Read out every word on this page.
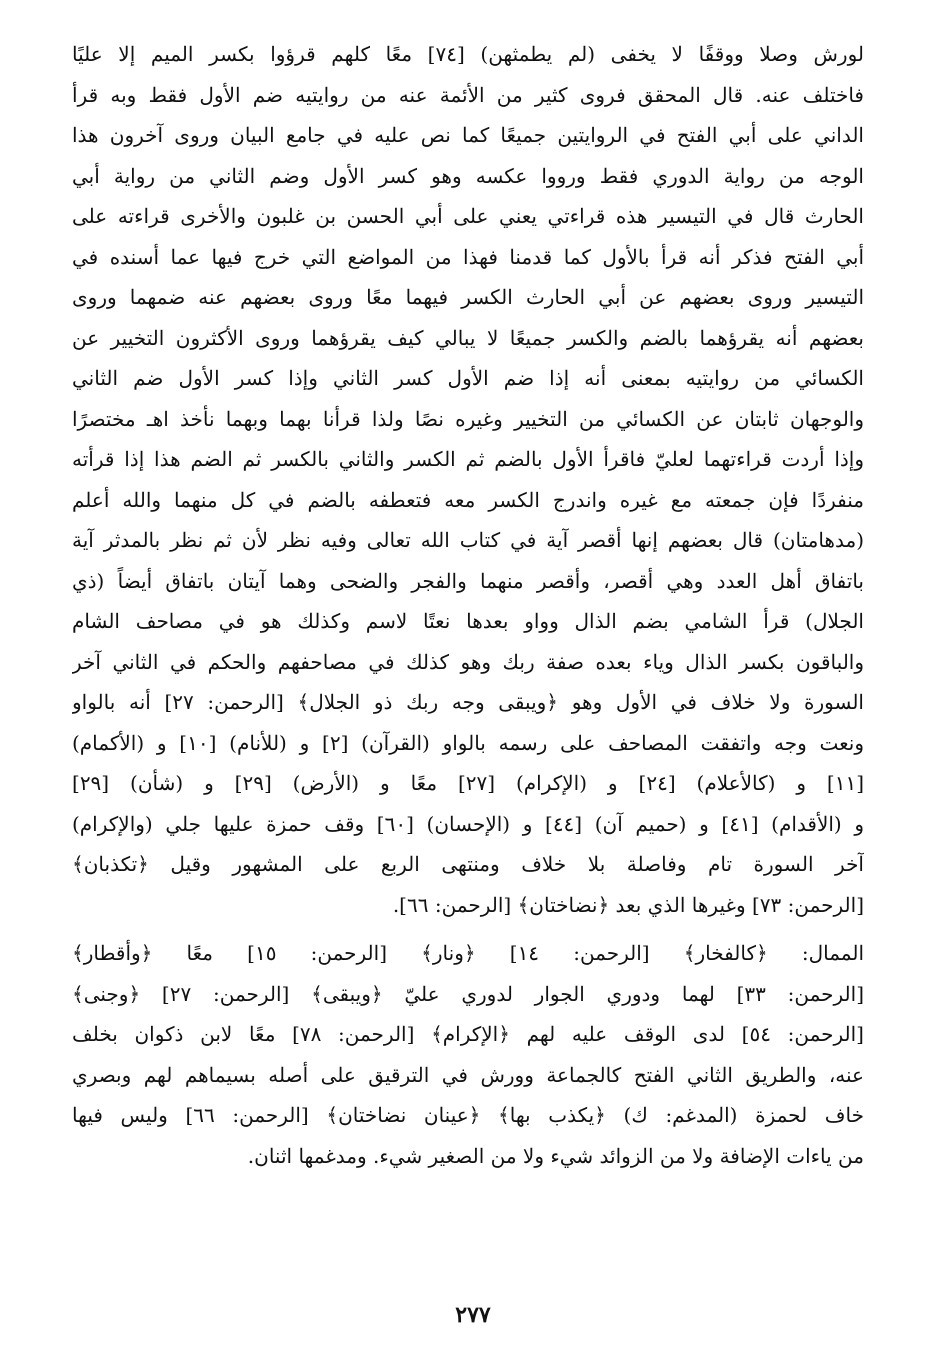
لورش وصلا ووقفًا لا يخفى (لم يطمثهن) [٧٤] معًا كلهم قرؤوا بكسر الميم إلا عليًا
فاختلف عنه. قال المحقق فروى كثير من الأئمة عنه من روايتيه ضم الأول فقط وبه قرأ
الداني على أبي الفتح في الروايتين جميعًا كما نص عليه في جامع البيان وروى آخرون هذا
الوجه من رواية الدوري فقط ورووا عكسه وهو كسر الأول وضم الثاني من رواية أبي
الحارث قال في التيسير هذه قراءتي يعني على أبي الحسن بن غلبون والأخرى قراءته على
أبي الفتح فذكر أنه قرأ بالأول كما قدمنا فهذا من المواضع التي خرج فيها عما أسنده في
التيسير وروى بعضهم عن أبي الحارث الكسر فيهما معًا وروى بعضهم عنه ضمهما وروى
بعضهم أنه يقرؤهما بالضم والكسر جميعًا لا يبالي كيف يقرؤهما وروى الأكثرون التخيير عن
الكسائي من روايتيه بمعنى أنه إذا ضم الأول كسر الثاني وإذا كسر الأول ضم الثاني
والوجهان ثابتان عن الكسائي من التخيير وغيره نصًا ولذا قرأنا بهما وبهما نأخذ اهـ مختصرًا
وإذا أردت قراءتهما لعليّ فاقرأ الأول بالضم ثم الكسر والثاني بالكسر ثم الضم هذا إذا قرأته
منفردًا فإن جمعته مع غيره واندرج الكسر معه فتعطفه بالضم في كل منهما والله أعلم
(مدهامتان) قال بعضهم إنها أقصر آية في كتاب الله تعالى وفيه نظر لأن ثم نظر بالمدثر آية
باتفاق أهل العدد وهي أقصر، وأقصر منهما والفجر والضحى وهما آيتان باتفاق أيضاً (ذي
الجلال) قرأ الشامي بضم الذال وواو بعدها نعتًا لاسم وكذلك هو في مصاحف الشام
والباقون بكسر الذال وياء بعده صفة ربك وهو كذلك في مصاحفهم والحكم في الثاني آخر
السورة ولا خلاف في الأول وهو ﴿ويبقى وجه ربك ذو الجلال﴾ [الرحمن: ٢٧] أنه بالواو
ونعت وجه واتفقت المصاحف على رسمه بالواو (القرآن) [٢] و (للأنام) [١٠] و (الأكمام)
[١١] و (كالأعلام) [٢٤] و (الإكرام) [٢٧] معًا و (الأرض) [٢٩] و (شأن) [٢٩]
و (الأقدام) [٤١] و (حميم آن) [٤٤] و (الإحسان) [٦٠] وقف حمزة عليها جلي (والإكرام)
آخر السورة تام وفاصلة بلا خلاف ومنتهى الربع على المشهور وقيل ﴿تكذبان﴾
[الرحمن: ٧٣] وغيرها الذي بعد ﴿نضاختان﴾ [الرحمن: ٦٦].
الممال: ﴿كالفخار﴾ [الرحمن: ١٤] ﴿ونار﴾ [الرحمن: ١٥] معًا ﴿وأقطار﴾
[الرحمن: ٣٣] لهما ودوري الجوار لدوري عليّ ﴿ويبقى﴾ [الرحمن: ٢٧] ﴿وجنى﴾
[الرحمن: ٥٤] لدى الوقف عليه لهم ﴿الإكرام﴾ [الرحمن: ٧٨] معًا لابن ذكوان بخلف
عنه، والطريق الثاني الفتح كالجماعة وورش في الترقيق على أصله بسيماهم لهم وبصري
خاف لحمزة (المدغم: ك) ﴿يكذب بها﴾ ﴿عينان نضاختان﴾ [الرحمن: ٦٦] وليس فيها
من ياءات الإضافة ولا من الزوائد شيء ولا من الصغير شيء. ومدغمها اثنان.
٢٧٧
